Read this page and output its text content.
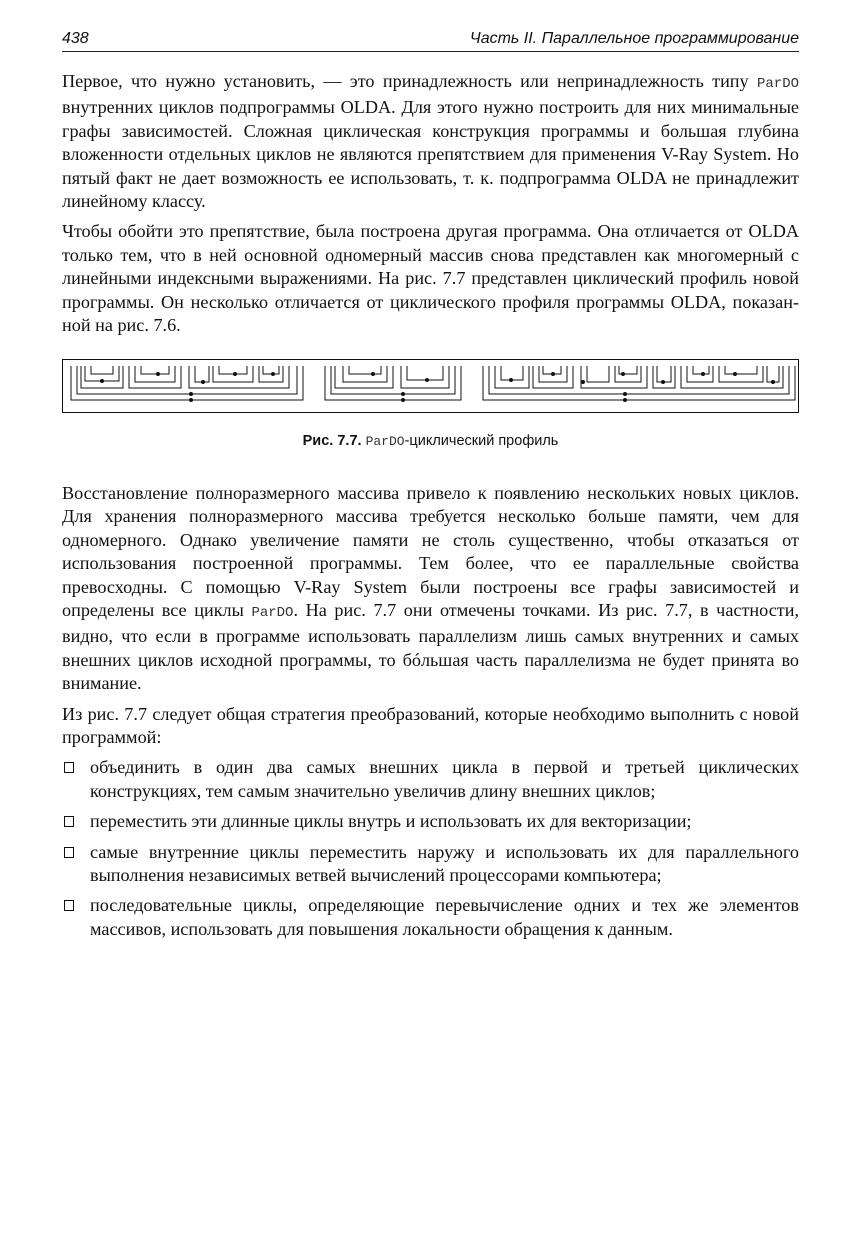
438	Часть II. Параллельное программирование

Первое, что нужно установить, — это принадлежность или непринадлежность типу ParDO внутренних циклов подпрограммы OLDA. Для этого нужно построить для них минимальные графы зависимостей. Сложная циклическая конструкция программы и большая глубина вложенности отдельных циклов не являются препятствием для применения V-Ray System. Но пятый факт не дает возможность ее использовать, т. к. подпрограмма OLDA не принадлежит линейному классу.

Чтобы обойти это препятствие, была построена другая программа. Она отличается от OLDA только тем, что в ней основной одномерный массив снова представлен как многомерный с линейными индексными выражениями. На рис. 7.7 представлен циклический профиль новой программы. Он несколько отличается от циклического профиля программы OLDA, показанной на рис. 7.6.

Рис. 7.7. ParDO-циклический профиль

Восстановление полноразмерного массива привело к появлению нескольких новых циклов. Для хранения полноразмерного массива требуется несколько больше памяти, чем для одномерного. Однако увеличение памяти не столь существенно, чтобы отказаться от использования построенной программы. Тем более, что ее параллельные свойства превосходны. С помощью V-Ray System были построены все графы зависимостей и определены все циклы ParDO. На рис. 7.7 они отмечены точками. Из рис. 7.7, в частности, видно, что если в программе использовать параллелизм лишь самых внутренних и самых внешних циклов исходной программы, то бóльшая часть параллелизма не будет принята во внимание.

Из рис. 7.7 следует общая стратегия преобразований, которые необходимо выполнить с новой программой:

объединить в один два самых внешних цикла в первой и третьей циклических конструкциях, тем самым значительно увеличив длину внешних циклов;
переместить эти длинные циклы внутрь и использовать их для векторизации;
самые внутренние циклы переместить наружу и использовать их для параллельного выполнения независимых ветвей вычислений процессорами компьютера;
последовательные циклы, определяющие перевычисление одних и тех же элементов массивов, использовать для повышения локальности обращения к данным.
